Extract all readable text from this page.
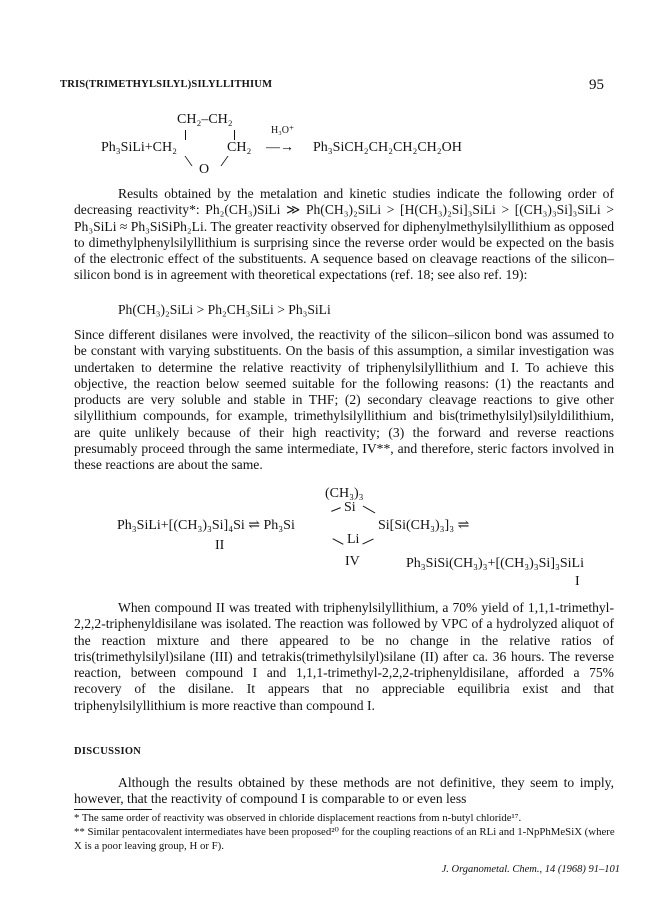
TRIS(TRIMETHYLSILYL)SILYLLITHIUM	95
CH₂–CH₂
Ph₃SiLi+CH₂	CH₂
O
H₃O⁺
—→ Ph₃SiCH₂CH₂CH₂CH₂OH

Results obtained by the metalation and kinetic studies indicate the following order of decreasing reactivity*: Ph₂(CH₃)SiLi ≫ Ph(CH₃)₂SiLi > [H(CH₃)₂Si]₃SiLi > [(CH₃)₃Si]₃SiLi > Ph₃SiLi ≈ Ph₃SiSiPh₂Li. The greater reactivity observed for diphenylmethylsilyllithium as opposed to dimethylphenylsilyllithium is surprising since the reverse order would be expected on the basis of the electronic effect of the substituents. A sequence based on cleavage reactions of the silicon–silicon bond is in agreement with theoretical expectations (ref. 18; see also ref. 19):

Ph(CH₃)₂SiLi > Ph₂CH₃SiLi > Ph₃SiLi

Since different disilanes were involved, the reactivity of the silicon–silicon bond was assumed to be constant with varying substituents. On the basis of this assumption, a similar investigation was undertaken to determine the relative reactivity of triphenylsilyllithium and I. To achieve this objective, the reaction below seemed suitable for the following reasons: (1) the reactants and products are very soluble and stable in THF; (2) secondary cleavage reactions to give other silyllithium compounds, for example, trimethylsilyllithium and bis(trimethylsilyl)silyldilithium, are quite unlikely because of their high reactivity; (3) the forward and reverse reactions presumably proceed through the same intermediate, IV**, and therefore, steric factors involved in these reactions are about the same.

(CH₃)₃
Si
Ph₃SiLi+[(CH₃)₃Si]₄Si ⇌ Ph₃Si	Si[Si(CH₃)₃]₃ ⇌
Li
II
IV	Ph₃SiSi(CH₃)₃+[(CH₃)₃Si]₃SiLi
I

When compound II was treated with triphenylsilyllithium, a 70% yield of 1,1,1-trimethyl-2,2,2-triphenyldisilane was isolated. The reaction was followed by VPC of a hydrolyzed aliquot of the reaction mixture and there appeared to be no change in the relative ratios of tris(trimethylsilyl)silane (III) and tetrakis(trimethylsilyl)silane (II) after ca. 36 hours. The reverse reaction, between compound I and 1,1,1-trimethyl-2,2,2-triphenyldisilane, afforded a 75% recovery of the disilane. It appears that no appreciable equilibria exist and that triphenylsilyllithium is more reactive than compound I.

DISCUSSION

Although the results obtained by these methods are not definitive, they seem to imply, however, that the reactivity of compound I is comparable to or even less

* The same order of reactivity was observed in chloride displacement reactions from n-butyl chloride¹⁷.

** Similar pentacovalent intermediates have been proposed²⁰ for the coupling reactions of an RLi and 1-NpPhMeSiX (where X is a poor leaving group, H or F).

J. Organometal. Chem., 14 (1968) 91–101
